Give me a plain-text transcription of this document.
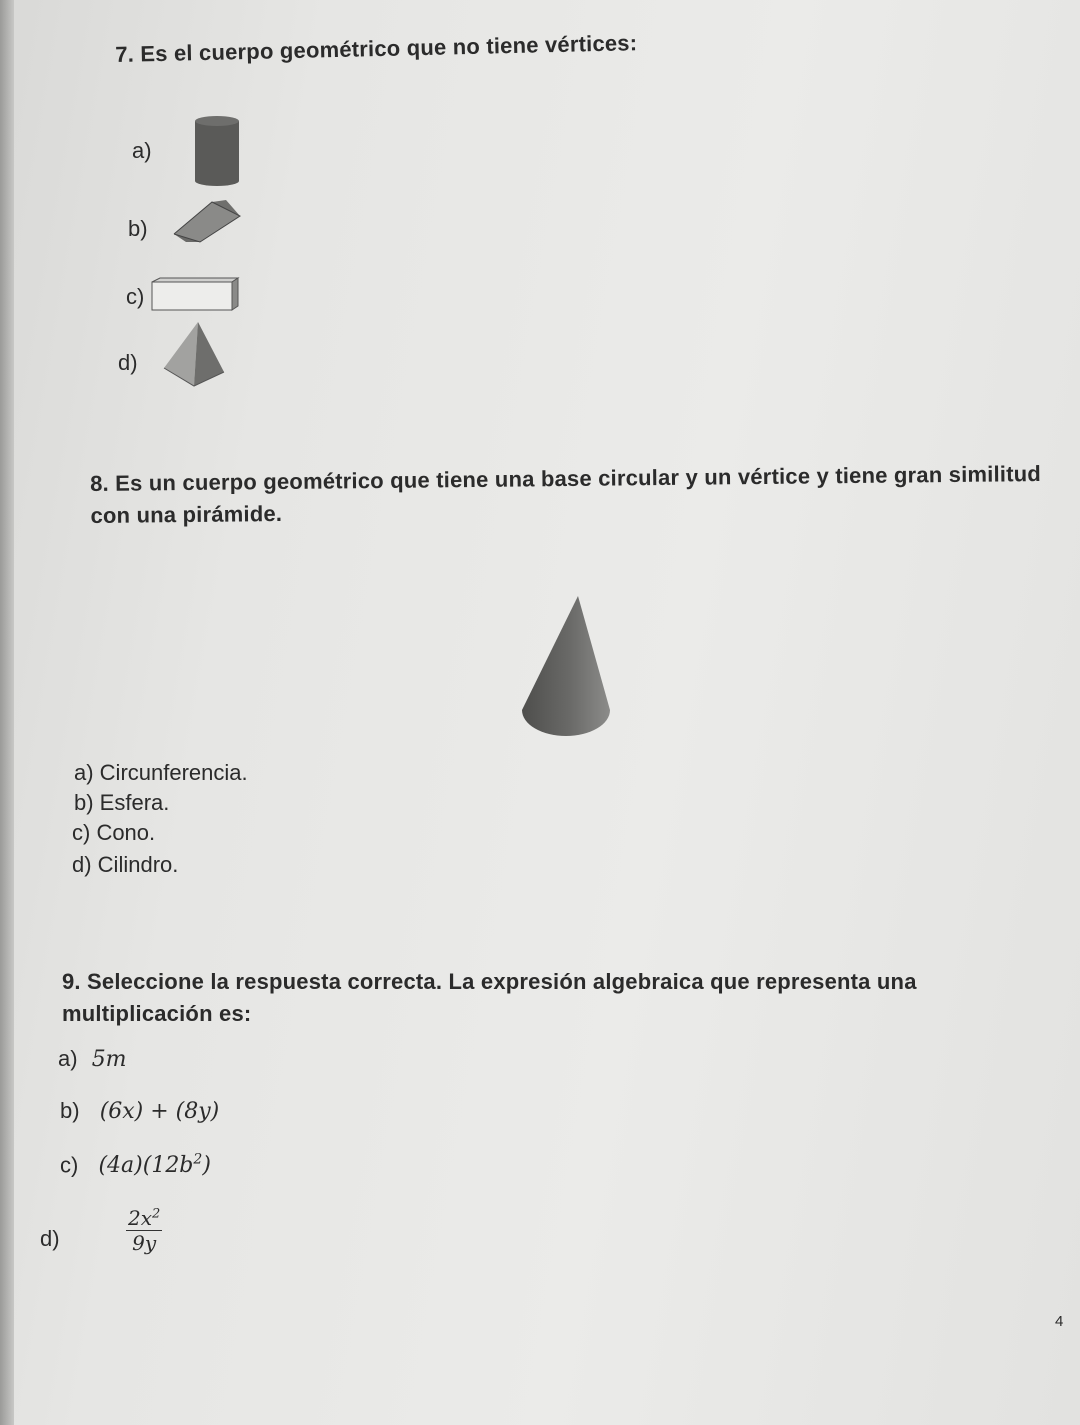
7. Es el cuerpo geométrico que no tiene vértices:
a)
b)
c)
d)
8. Es un cuerpo geométrico que tiene una base circular y un vértice y tiene gran similitud con una pirámide.
a) Circunferencia.
b) Esfera.
c) Cono.
d) Cilindro.
9. Seleccione la respuesta correcta. La expresión algebraica que representa una multiplicación es:
a) 5m
b) (6x) + (8y)
c) $(4a)(12b^2)$
d)	$\frac{2x^2}{9y}$
4
